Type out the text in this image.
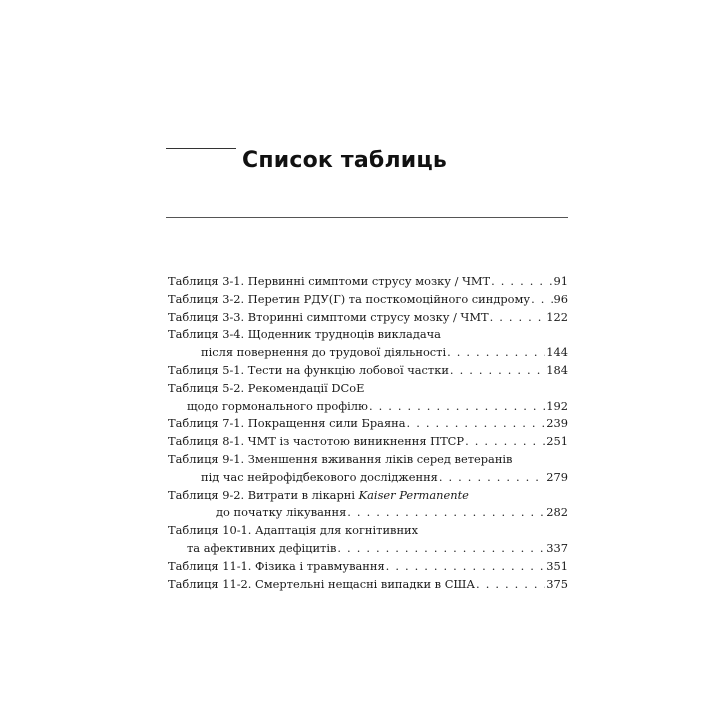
Список таблиць
Таблиця 3-1. Первинні симптоми струсу мозку / ЧМТ . . .	91
Таблиця 3-2. Перетин РДУ(Г) та посткомоційного синдрому . . . 96
Таблиця 3-3. Вторинні симптоми струсу мозку / ЧМТ . . .	122
Таблиця 3-4. Щоденник трудноців викладача
після повернення до трудової діяльності . . .	144
Таблиця 5-1. Тести на функцію лобової частки . . .	184
Таблиця 5-2. Рекомендації DCoE
щодо гормонального профілю . . .	192
Таблиця 7-1. Покращення сили Браяна . . .	239
Таблиця 8-1. ЧМТ із частотою виникнення ПТСР . . .	251
Таблиця 9-1. Зменшення вживання ліків серед ветеранів
під час нейрофідбекового дослідження . . .	279
Таблиця 9-2. Витрати в лікарні Kaiser Permanente
до початку лікування . . .	282
Таблиця 10-1. Адаптація для когнітивних
та афективних дефіцитів . . .	337
Таблиця 11-1. Фізика і травмування . . .	351
Таблиця 11-2. Смертельні нещасні випадки в США . . .	375
